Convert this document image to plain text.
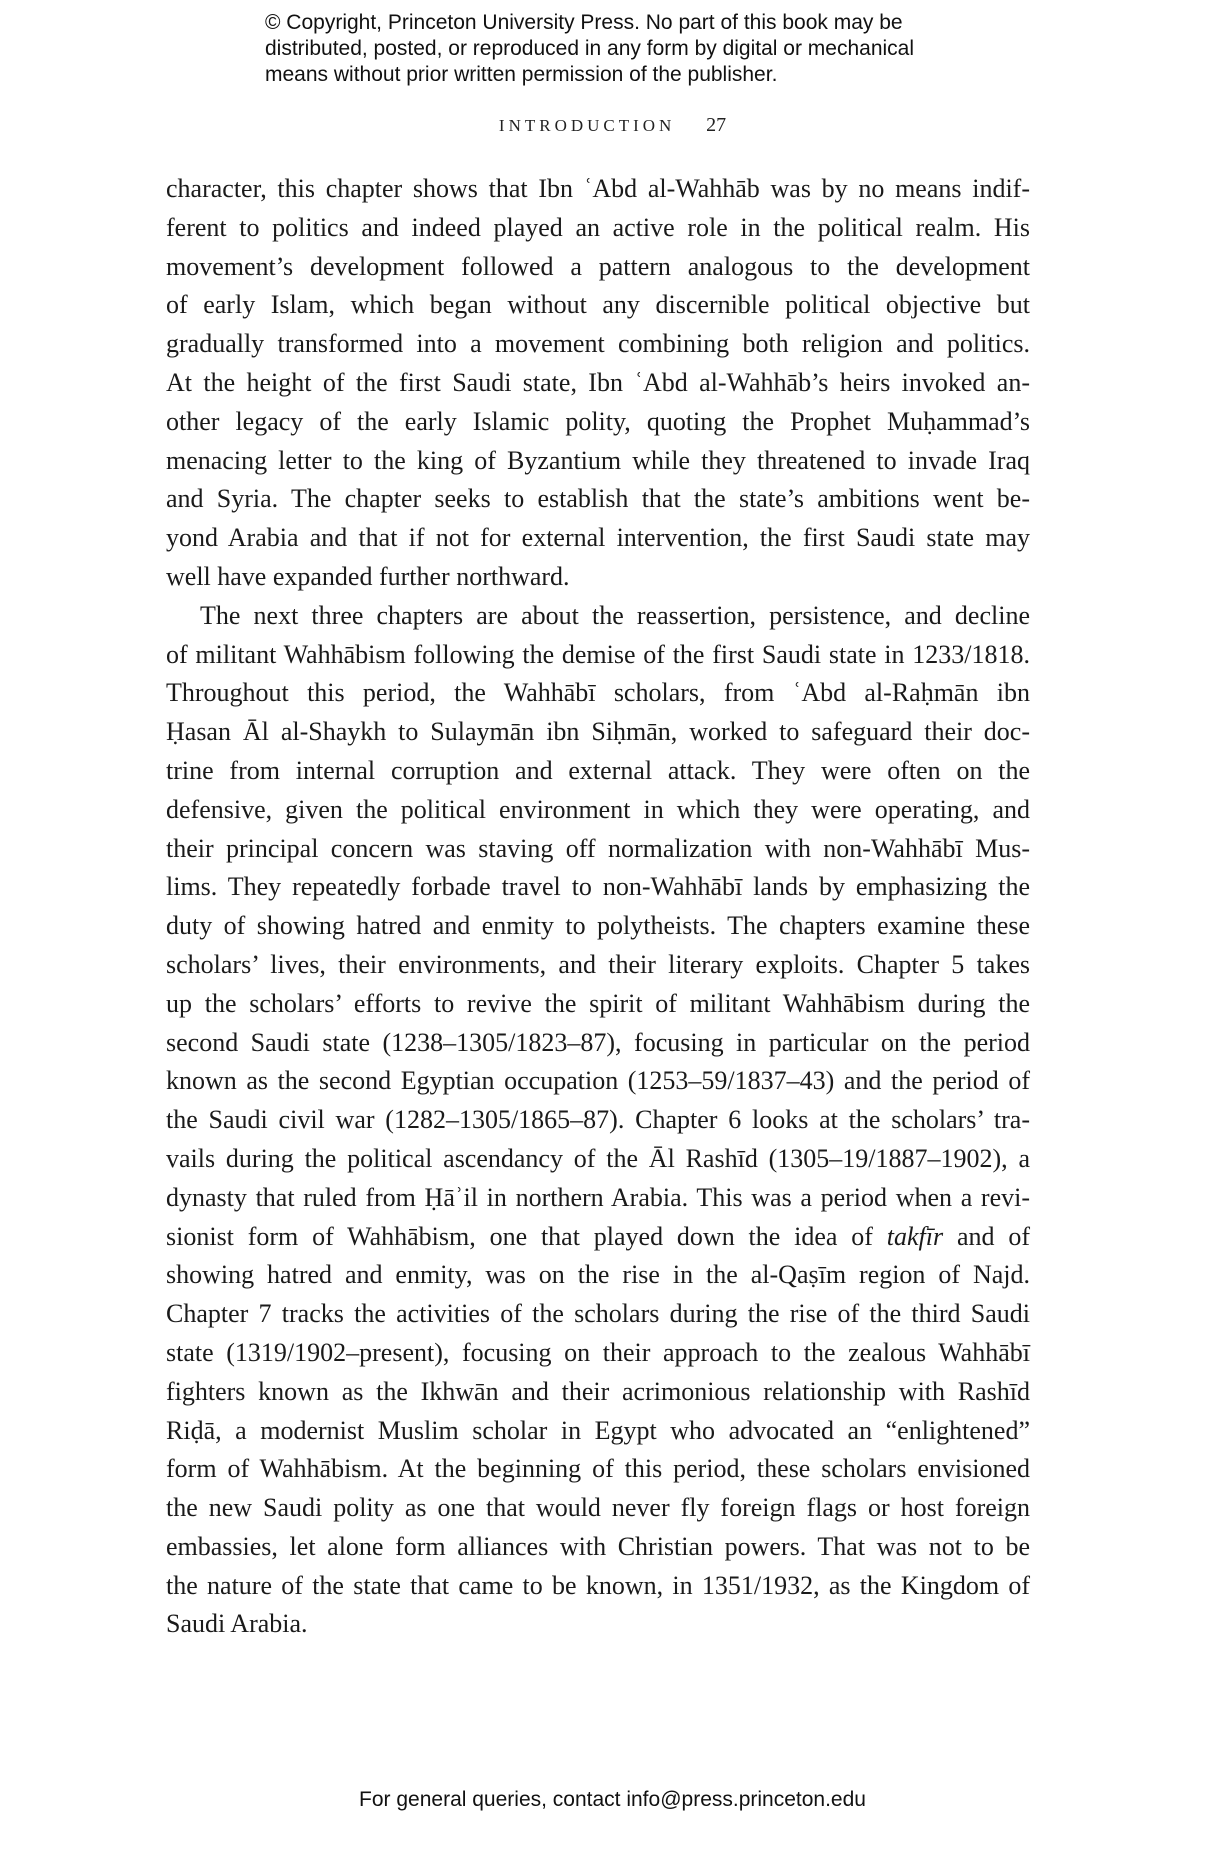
© Copyright, Princeton University Press. No part of this book may be
distributed, posted, or reproduced in any form by digital or mechanical
means without prior written permission of the publisher.
INTRODUCTION 27
character, this chapter shows that Ibn ʿAbd al-Wahhāb was by no means indif-
ferent to politics and indeed played an active role in the political realm. His
movement’s development followed a pattern analogous to the development
of early Islam, which began without any discernible political objective but
gradually transformed into a movement combining both religion and politics.
At the height of the first Saudi state, Ibn ʿAbd al-Wahhāb’s heirs invoked an-
other legacy of the early Islamic polity, quoting the Prophet Muḥammad’s
menacing letter to the king of Byzantium while they threatened to invade Iraq
and Syria. The chapter seeks to establish that the state’s ambitions went be-
yond Arabia and that if not for external intervention, the first Saudi state may
well have expanded further northward.
The next three chapters are about the reassertion, persistence, and decline
of militant Wahhābism following the demise of the first Saudi state in 1233/1818.
Throughout this period, the Wahhābī scholars, from ʿAbd al-Raḥmān ibn
Ḥasan Āl al-Shaykh to Sulaymān ibn Siḥmān, worked to safeguard their doc-
trine from internal corruption and external attack. They were often on the
defensive, given the political environment in which they were operating, and
their principal concern was staving off normalization with non-Wahhābī Mus-
lims. They repeatedly forbade travel to non-Wahhābī lands by emphasizing the
duty of showing hatred and enmity to polytheists. The chapters examine these
scholars’ lives, their environments, and their literary exploits. Chapter 5 takes
up the scholars’ efforts to revive the spirit of militant Wahhābism during the
second Saudi state (1238–1305/1823–87), focusing in particular on the period
known as the second Egyptian occupation (1253–59/1837–43) and the period of
the Saudi civil war (1282–1305/1865–87). Chapter 6 looks at the scholars’ tra-
vails during the political ascendancy of the Āl Rashīd (1305–19/1887–1902), a
dynasty that ruled from Ḥāʾil in northern Arabia. This was a period when a revi-
sionist form of Wahhābism, one that played down the idea of takfīr and of
showing hatred and enmity, was on the rise in the al-Qaṣīm region of Najd.
Chapter 7 tracks the activities of the scholars during the rise of the third Saudi
state (1319/1902–present), focusing on their approach to the zealous Wahhābī
fighters known as the Ikhwān and their acrimonious relationship with Rashīd
Riḍā, a modernist Muslim scholar in Egypt who advocated an “enlightened”
form of Wahhābism. At the beginning of this period, these scholars envisioned
the new Saudi polity as one that would never fly foreign flags or host foreign
embassies, let alone form alliances with Christian powers. That was not to be
the nature of the state that came to be known, in 1351/1932, as the Kingdom of
Saudi Arabia.
For general queries, contact info@press.princeton.edu
